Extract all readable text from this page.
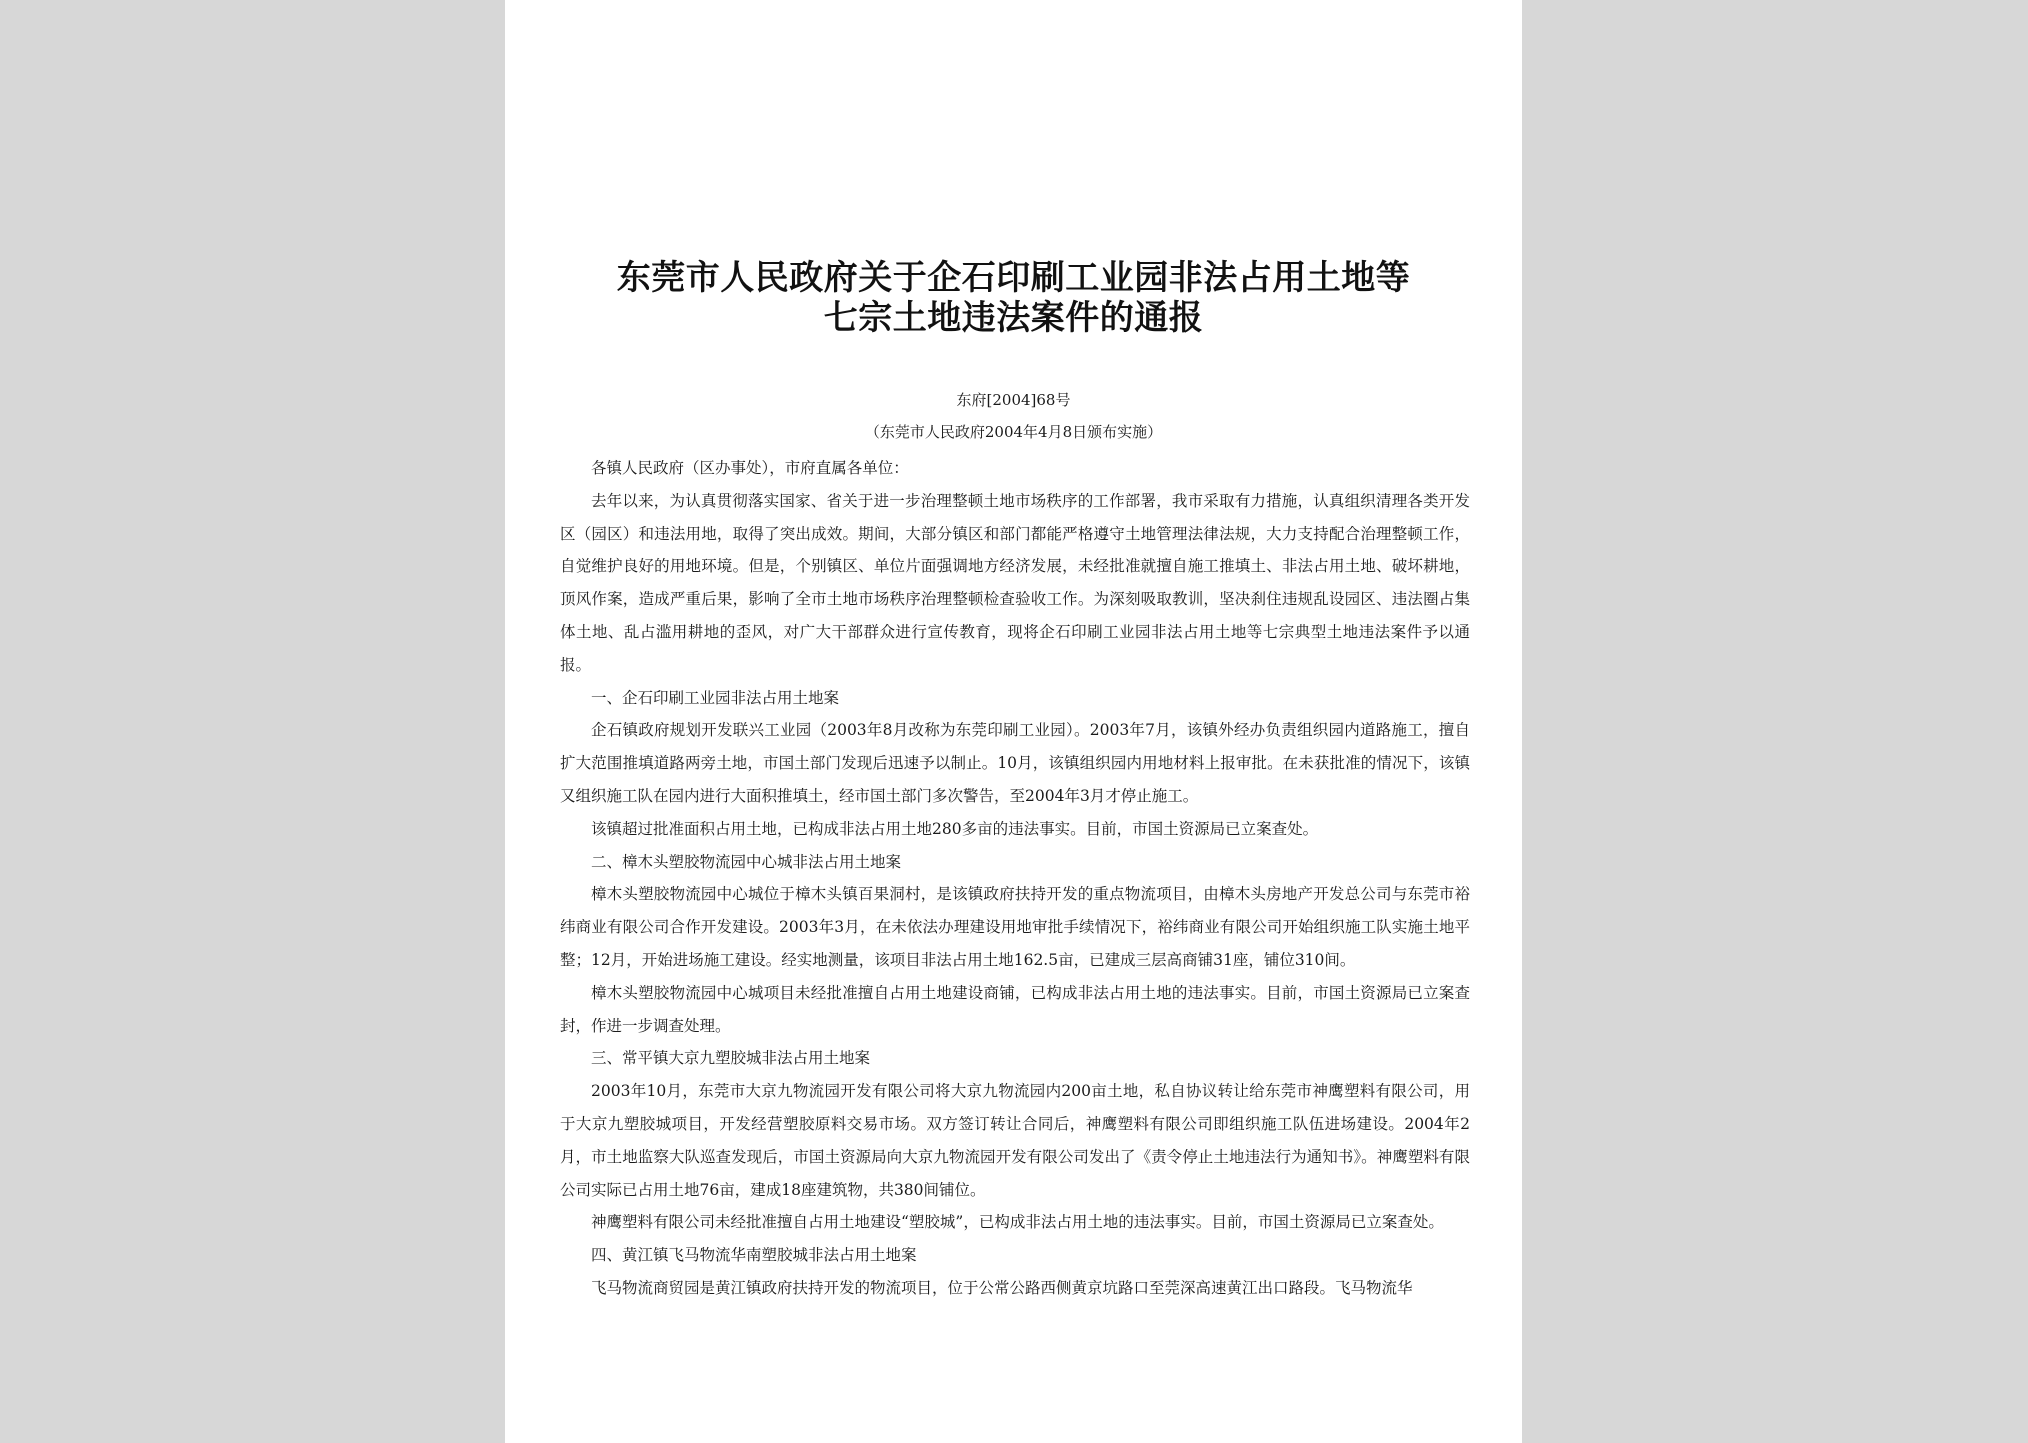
东莞市人民政府关于企石印刷工业园非法占用土地等
七宗土地违法案件的通报
东府[2004]68号
（东莞市人民政府2004年4月8日颁布实施）

各镇人民政府（区办事处），市府直属各单位：

去年以来，为认真贯彻落实国家、省关于进一步治理整顿土地市场秩序的工作部署，我市采取有力措施，认真组织清理各类开发区（园区）和违法用地，取得了突出成效。期间，大部分镇区和部门都能严格遵守土地管理法律法规，大力支持配合治理整顿工作，自觉维护良好的用地环境。但是，个别镇区、单位片面强调地方经济发展，未经批准就擅自施工推填土、非法占用土地、破坏耕地，顶风作案，造成严重后果，影响了全市土地市场秩序治理整顿检查验收工作。为深刻吸取教训，坚决刹住违规乱设园区、违法圈占集体土地、乱占滥用耕地的歪风，对广大干部群众进行宣传教育，现将企石印刷工业园非法占用土地等七宗典型土地违法案件予以通报。

一、企石印刷工业园非法占用土地案

企石镇政府规划开发联兴工业园（2003年8月改称为东莞印刷工业园）。2003年7月，该镇外经办负责组织园内道路施工，擅自扩大范围推填道路两旁土地，市国土部门发现后迅速予以制止。10月，该镇组织园内用地材料上报审批。在未获批准的情况下，该镇又组织施工队在园内进行大面积推填土，经市国土部门多次警告，至2004年3月才停止施工。

该镇超过批准面积占用土地，已构成非法占用土地280多亩的违法事实。目前，市国土资源局已立案查处。

二、樟木头塑胶物流园中心城非法占用土地案

樟木头塑胶物流园中心城位于樟木头镇百果洞村，是该镇政府扶持开发的重点物流项目，由樟木头房地产开发总公司与东莞市裕纬商业有限公司合作开发建设。2003年3月，在未依法办理建设用地审批手续情况下，裕纬商业有限公司开始组织施工队实施土地平整；12月，开始进场施工建设。经实地测量，该项目非法占用土地162.5亩，已建成三层高商铺31座，铺位310间。

樟木头塑胶物流园中心城项目未经批准擅自占用土地建设商铺，已构成非法占用土地的违法事实。目前，市国土资源局已立案查封，作进一步调查处理。

三、常平镇大京九塑胶城非法占用土地案

2003年10月，东莞市大京九物流园开发有限公司将大京九物流园内200亩土地，私自协议转让给东莞市神鹰塑料有限公司，用于大京九塑胶城项目，开发经营塑胶原料交易市场。双方签订转让合同后，神鹰塑料有限公司即组织施工队伍进场建设。2004年2月，市土地监察大队巡查发现后，市国土资源局向大京九物流园开发有限公司发出了《责令停止土地违法行为通知书》。神鹰塑料有限公司实际已占用土地76亩，建成18座建筑物，共380间铺位。

神鹰塑料有限公司未经批准擅自占用土地建设“塑胶城”，已构成非法占用土地的违法事实。目前，市国土资源局已立案查处。

四、黄江镇飞马物流华南塑胶城非法占用土地案

飞马物流商贸园是黄江镇政府扶持开发的物流项目，位于公常公路西侧黄京坑路口至莞深高速黄江出口路段。飞马物流华
